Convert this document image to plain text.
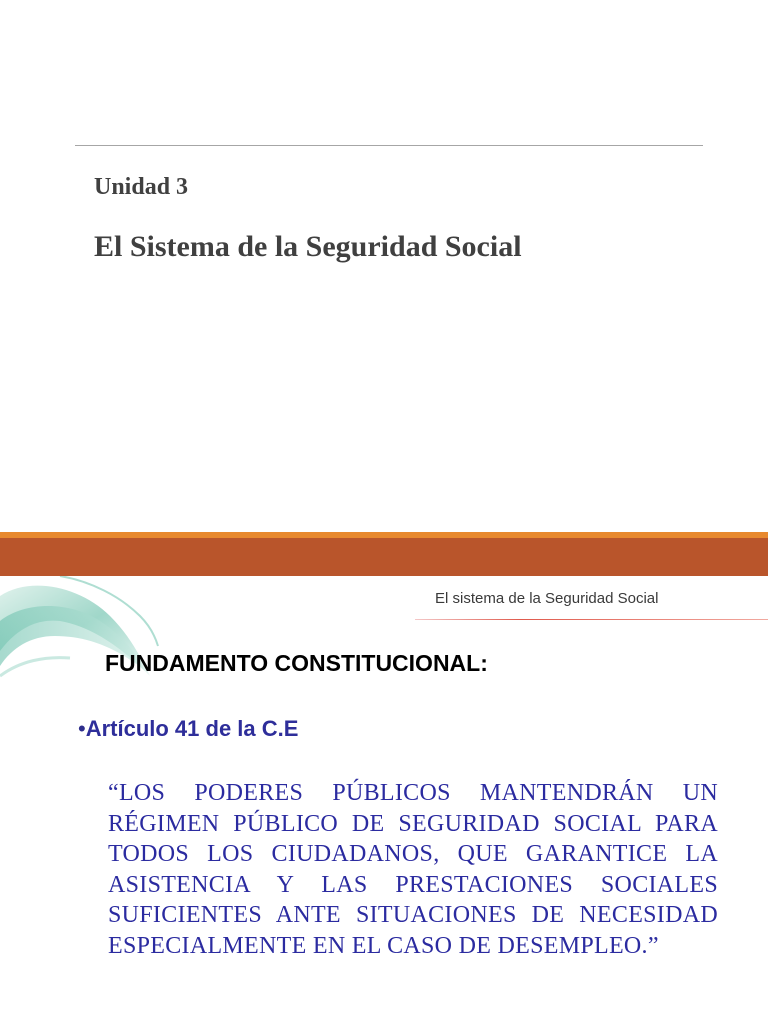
Unidad 3
El Sistema de la Seguridad Social
El sistema de la Seguridad Social
FUNDAMENTO CONSTITUCIONAL:
•Artículo 41 de la C.E
“LOS PODERES PÚBLICOS MANTENDRÁN UN RÉGIMEN PÚBLICO DE SEGURIDAD SOCIAL PARA TODOS LOS CIUDADANOS, QUE GARANTICE LA ASISTENCIA Y LAS PRESTACIONES SOCIALES SUFICIENTES ANTE SITUACIONES DE NECESIDAD ESPECIALMENTE EN EL CASO DE DESEMPLEO.”
